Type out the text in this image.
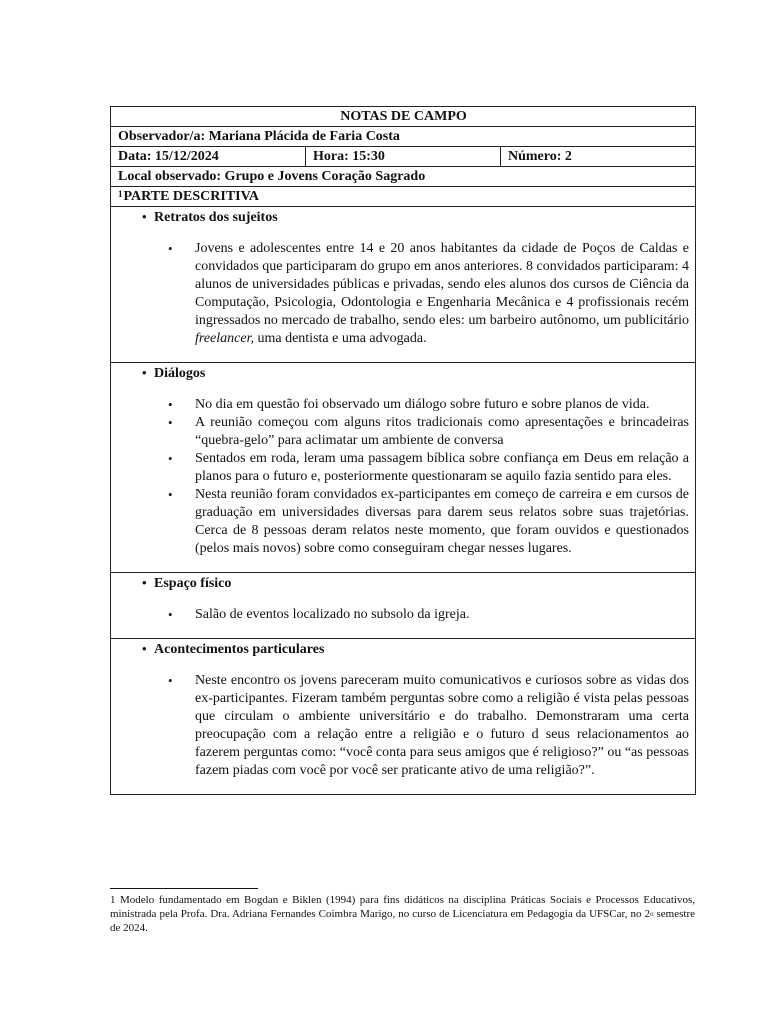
NOTAS DE CAMPO
Observador/a: Mariana Plácida de Faria Costa
Data: 15/12/2024	Hora: 15:30	Número: 2
Local observado: Grupo e Jovens Coração Sagrado
$^1$PARTE DESCRITIVA

• Retratos dos sujeitos
• Jovens e adolescentes entre 14 e 20 anos habitantes da cidade de Poços de Caldas e convidados que participaram do grupo em anos anteriores. 8 convidados participaram: 4 alunos de universidades públicas e privadas, sendo eles alunos dos cursos de Ciência da Computação, Psicologia, Odontologia e Engenharia Mecânica e 4 profissionais recém ingressados no mercado de trabalho, sendo eles: um barbeiro autônomo, um publicitário freelancer, uma dentista e uma advogada.

• Diálogos
• No dia em questão foi observado um diálogo sobre futuro e sobre planos de vida.
• A reunião começou com alguns ritos tradicionais como apresentações e brincadeiras “quebra-gelo” para aclimatar um ambiente de conversa
• Sentados em roda, leram uma passagem bíblica sobre confiança em Deus em relação a planos para o futuro e, posteriormente questionaram se aquilo fazia sentido para eles.
• Nesta reunião foram convidados ex-participantes em começo de carreira e em cursos de graduação em universidades diversas para darem seus relatos sobre suas trajetórias. Cerca de 8 pessoas deram relatos neste momento, que foram ouvidos e questionados (pelos mais novos) sobre como conseguiram chegar nesses lugares.

• Espaço físico
• Salão de eventos localizado no subsolo da igreja.

• Acontecimentos particulares
• Neste encontro os jovens pareceram muito comunicativos e curiosos sobre as vidas dos ex-participantes. Fizeram também perguntas sobre como a religião é vista pelas pessoas que circulam o ambiente universitário e do trabalho. Demonstraram uma certa preocupação com a relação entre a religião e o futuro d seus relacionamentos ao fazerem perguntas como: “você conta para seus amigos que é religioso?” ou “as pessoas fazem piadas com você por você ser praticante ativo de uma religião?”.
1 Modelo fundamentado em Bogdan e Biklen (1994) para fins didáticos na disciplina Práticas Sociais e Processos Educativos, ministrada pela Profa. Dra. Adriana Fernandes Coimbra Marigo, no curso de Licenciatura em Pedagogia da UFSCar, no 2$^o$ semestre de 2024.
